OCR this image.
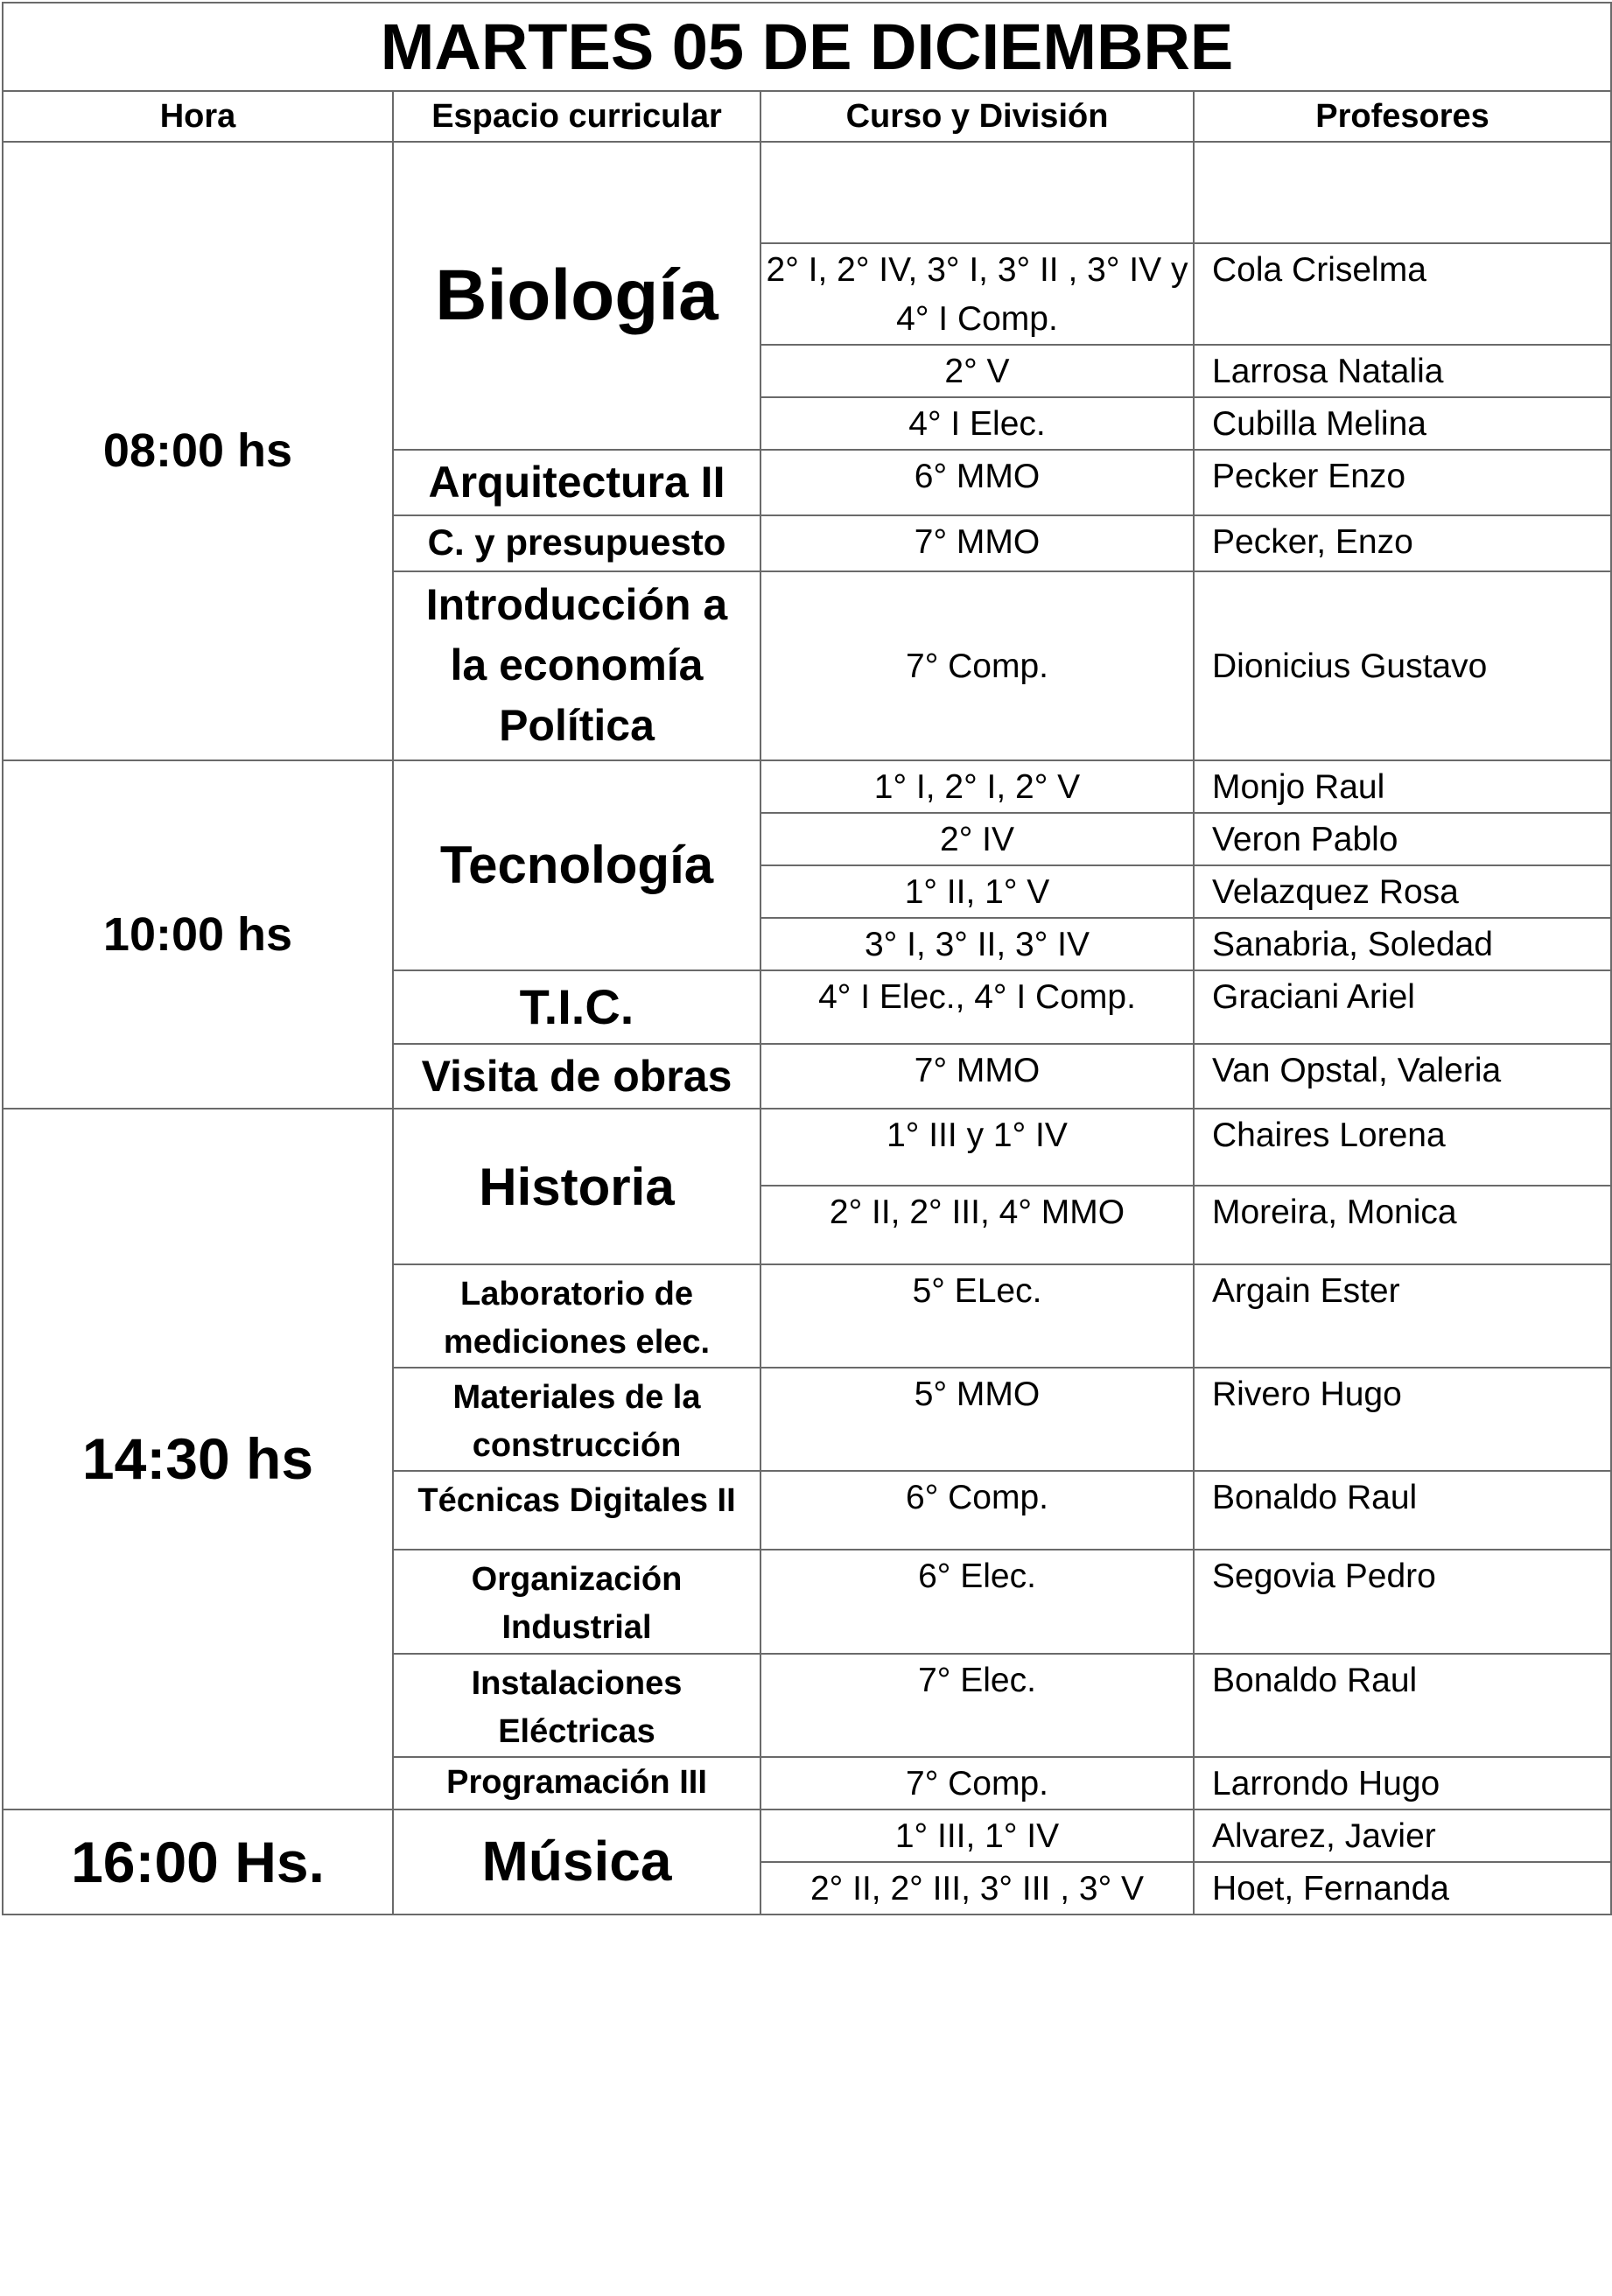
MARTES 05 DE DICIEMBRE			
Hora	Espacio curricular	Curso y División	Profesores
08:00 hs	Biología		
		2° I, 2° IV, 3° I, 3° II , 3° IV y 4° I Comp.	Cola Criselma
		2° V	Larrosa Natalia
		4° I Elec.	Cubilla Melina
	Arquitectura II	6° MMO	Pecker Enzo
	C. y presupuesto	7° MMO	Pecker, Enzo
	Introducción a la economía Política	7° Comp.	Dionicius Gustavo

10:00 hs	Tecnología	1° I, 2° I, 2° V	Monjo Raul
		2° IV	Veron Pablo
		1° II, 1° V	Velazquez Rosa
		3° I, 3° II, 3° IV	Sanabria, Soledad
	T.I.C.	4° I Elec., 4° I Comp.	Graciani Ariel
	Visita de obras	7° MMO	Van Opstal, Valeria
14:30 hs	Historia	1° III y 1° IV	Chaires Lorena
		2° II, 2° III, 4° MMO	Moreira, Monica
	Laboratorio de mediciones elec.	5° ELec.	Argain Ester
	Materiales de la construcción	5° MMO	Rivero Hugo
	Técnicas Digitales II	6° Comp.	Bonaldo Raul
	Organización Industrial	6° Elec.	Segovia Pedro
	Instalaciones Eléctricas	7° Elec.	Bonaldo Raul
	Programación III	7° Comp.	Larrondo Hugo

16:00 Hs.	Música	1° III, 1° IV	Alvarez, Javier
		2° II, 2° III, 3° III , 3° V	Hoet, Fernanda
